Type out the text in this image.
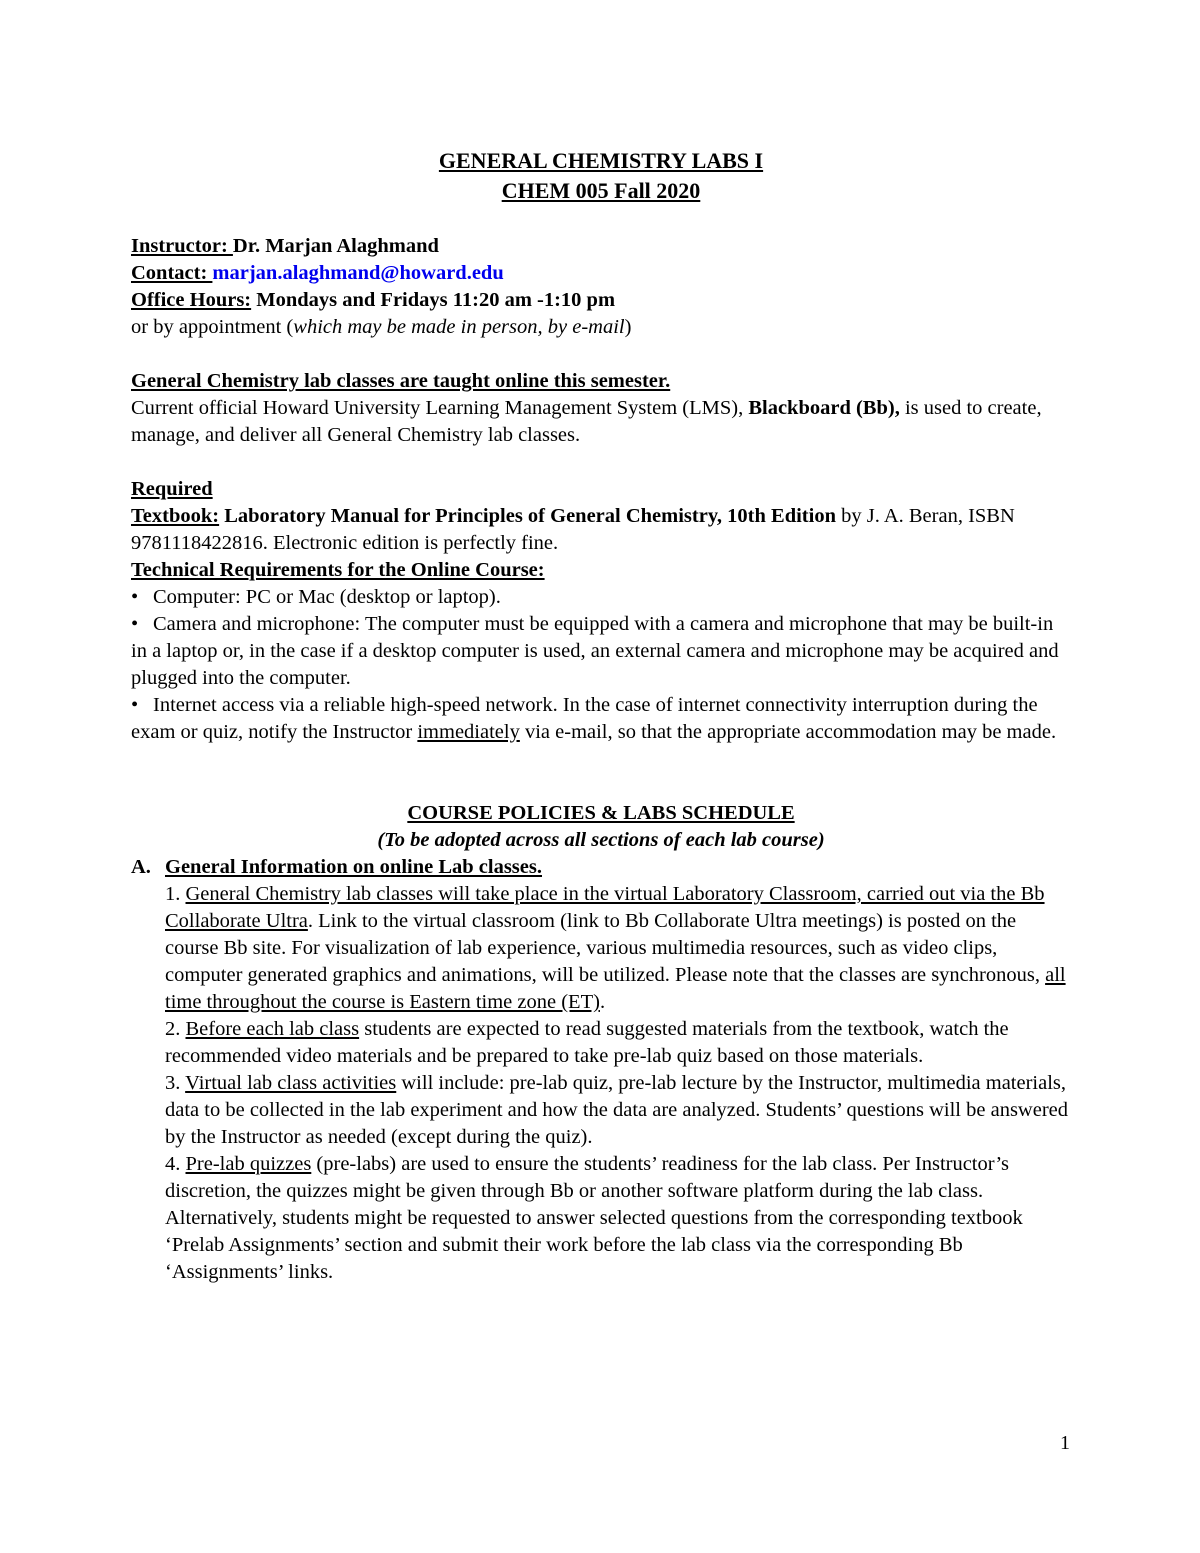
GENERAL CHEMISTRY LABS I
CHEM 005 Fall 2020
Instructor: Dr. Marjan Alaghmand
Contact: marjan.alaghmand@howard.edu
Office Hours: Mondays and Fridays 11:20 am -1:10 pm
or by appointment (which may be made in person, by e-mail)
General Chemistry lab classes are taught online this semester.
Current official Howard University Learning Management System (LMS), Blackboard (Bb), is used to create, manage, and deliver all General Chemistry lab classes.
Required
Textbook: Laboratory Manual for Principles of General Chemistry, 10th Edition by J. A. Beran, ISBN 9781118422816. Electronic edition is perfectly fine.
Technical Requirements for the Online Course:
• Computer: PC or Mac (desktop or laptop).
• Camera and microphone: The computer must be equipped with a camera and microphone that may be built-in in a laptop or, in the case if a desktop computer is used, an external camera and microphone may be acquired and plugged into the computer.
• Internet access via a reliable high-speed network. In the case of internet connectivity interruption during the exam or quiz, notify the Instructor immediately via e-mail, so that the appropriate accommodation may be made.
COURSE POLICIES & LABS SCHEDULE
(To be adopted across all sections of each lab course)
A. General Information on online Lab classes.
1. General Chemistry lab classes will take place in the virtual Laboratory Classroom, carried out via the Bb Collaborate Ultra. Link to the virtual classroom (link to Bb Collaborate Ultra meetings) is posted on the course Bb site. For visualization of lab experience, various multimedia resources, such as video clips, computer generated graphics and animations, will be utilized. Please note that the classes are synchronous, all time throughout the course is Eastern time zone (ET).
2. Before each lab class students are expected to read suggested materials from the textbook, watch the recommended video materials and be prepared to take pre-lab quiz based on those materials.
3. Virtual lab class activities will include: pre-lab quiz, pre-lab lecture by the Instructor, multimedia materials, data to be collected in the lab experiment and how the data are analyzed. Students’ questions will be answered by the Instructor as needed (except during the quiz).
4. Pre-lab quizzes (pre-labs) are used to ensure the students’ readiness for the lab class. Per Instructor’s discretion, the quizzes might be given through Bb or another software platform during the lab class. Alternatively, students might be requested to answer selected questions from the corresponding textbook ‘Prelab Assignments’ section and submit their work before the lab class via the corresponding Bb ‘Assignments’ links.
1
